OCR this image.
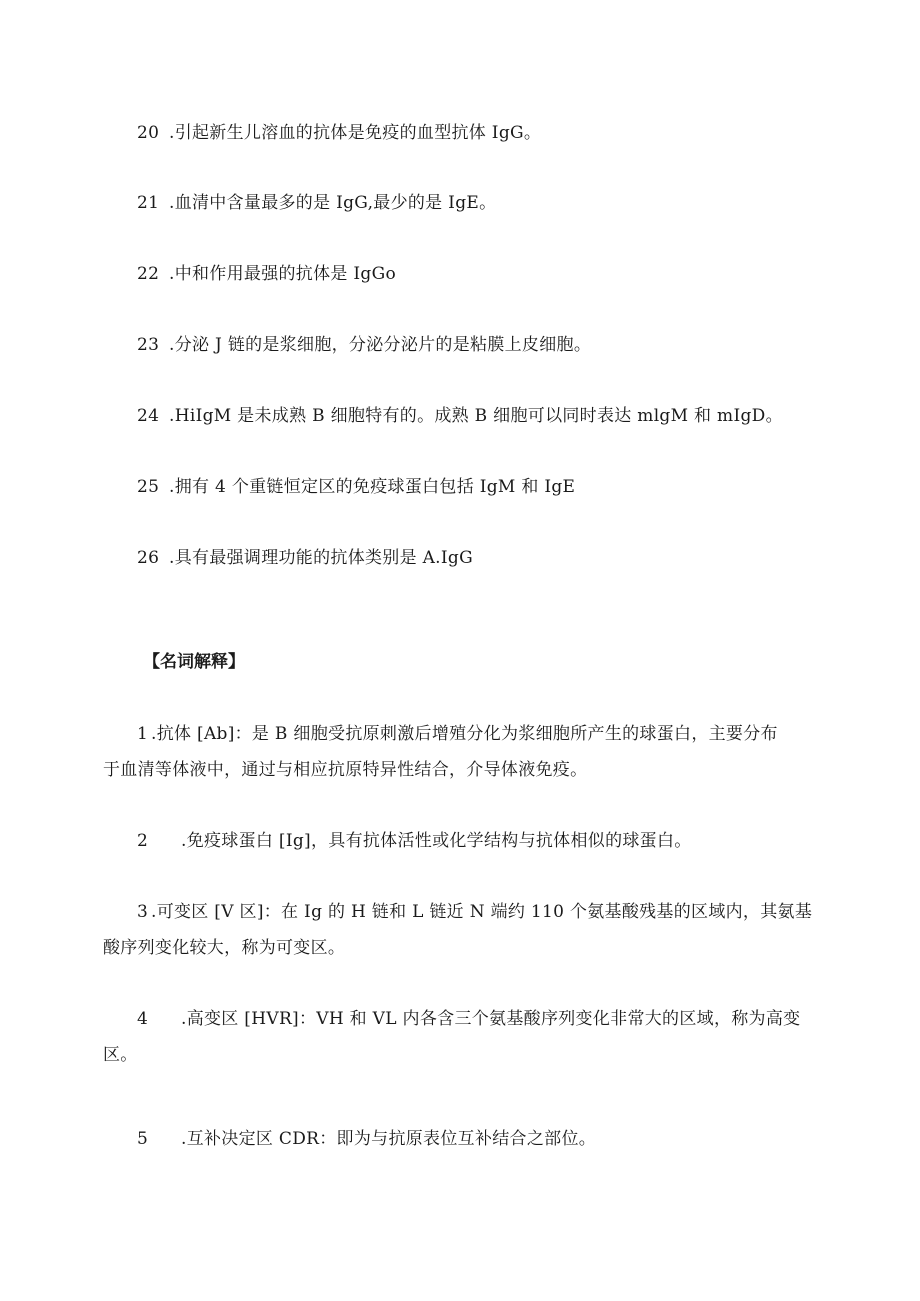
20 .引起新生儿溶血的抗体是免疫的血型抗体 IgG。
21 .血清中含量最多的是 IgG,最少的是 IgE。
22 .中和作用最强的抗体是 IgGo
23 .分泌 J 链的是浆细胞，分泌分泌片的是粘膜上皮细胞。
24 .HiIgM 是未成熟 B 细胞特有的。成熟 B 细胞可以同时表达 mlgM 和 mIgD。
25 .拥有 4 个重链恒定区的免疫球蛋白包括 IgM 和 IgE
26 .具有最强调理功能的抗体类别是 A.IgG
【名词解释】
1 .抗体 [Ab]：是 B 细胞受抗原刺激后增殖分化为浆细胞所产生的球蛋白，主要分布
于血清等体液中，通过与相应抗原特异性结合，介导体液免疫。
2 .免疫球蛋白 [Ig]，具有抗体活性或化学结构与抗体相似的球蛋白。
3 .可变区 [V 区]：在 Ig 的 H 链和 L 链近 N 端约 110 个氨基酸残基的区域内，其氨基
酸序列变化较大，称为可变区。
4 .高变区 [HVR]：VH 和 VL 内各含三个氨基酸序列变化非常大的区域，称为高变
区。
5 .互补决定区 CDR：即为与抗原表位互补结合之部位。
